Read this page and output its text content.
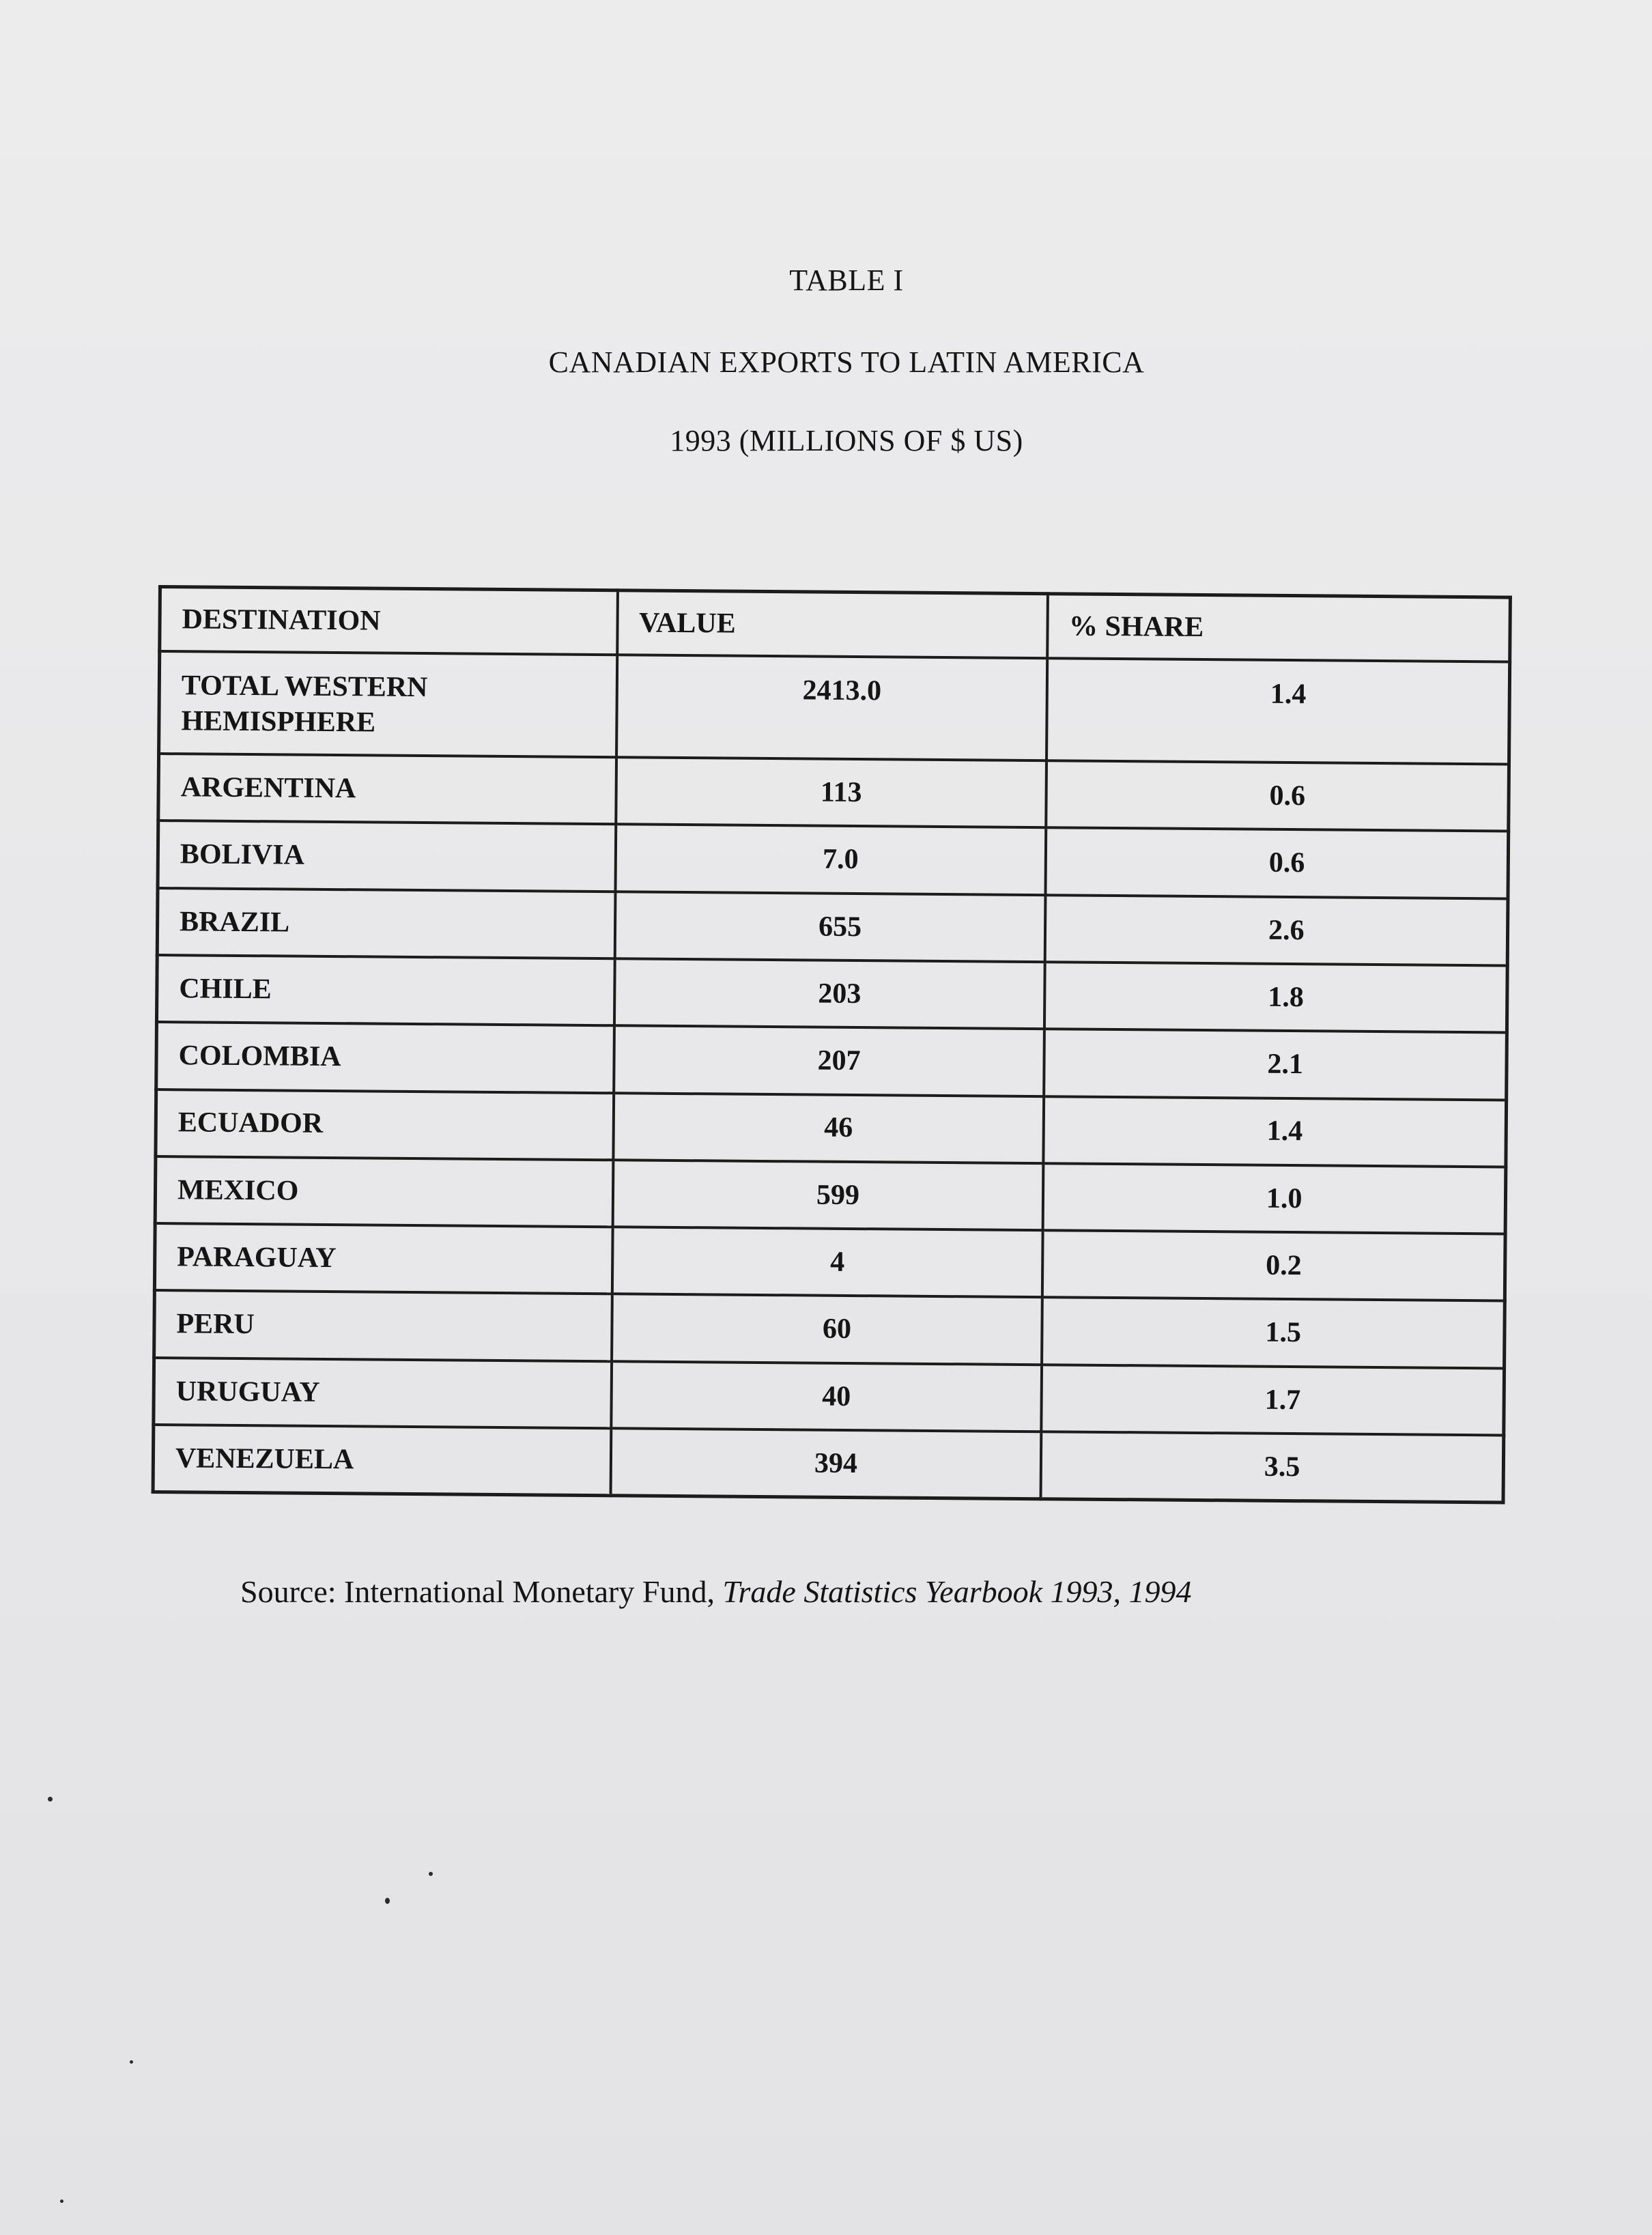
TABLE I
CANADIAN EXPORTS TO LATIN AMERICA
1993 (MILLIONS OF $ US)
DESTINATION	VALUE	% SHARE
TOTAL WESTERN HEMISPHERE	2413.0	1.4
ARGENTINA	113	0.6
BOLIVIA	7.0	0.6
BRAZIL	655	2.6
CHILE	203	1.8
COLOMBIA	207	2.1
ECUADOR	46	1.4
MEXICO	599	1.0
PARAGUAY	4	0.2
PERU	60	1.5
URUGUAY	40	1.7
VENEZUELA	394	3.5
Source: International Monetary Fund, Trade Statistics Yearbook 1993, 1994
